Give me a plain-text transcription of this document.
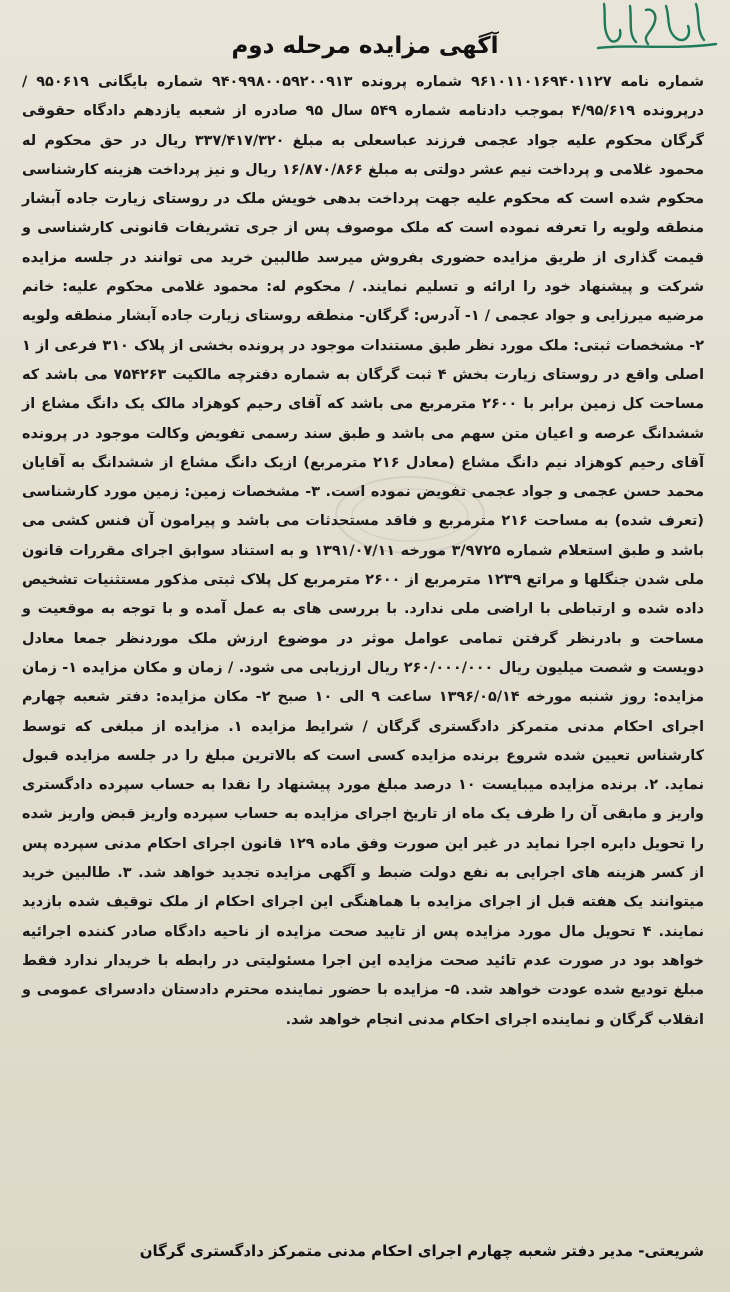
آگهی مزایده مرحله دوم

شماره نامه ۹۶۱۰۱۱۰۱۶۹۴۰۱۱۲۷ شماره پرونده ۹۴۰۹۹۸۰۰۵۹۲۰۰۹۱۳ شماره بایگانی ۹۵۰۶۱۹ / درپرونده ۴/۹۵/۶۱۹ بموجب دادنامه شماره ۵۴۹ سال ۹۵ صادره از شعبه یازدهم دادگاه حقوقی گرگان محکوم علیه جواد عجمی فرزند عباسعلی به مبلغ ۳۳۷/۴۱۷/۳۲۰ ریال در حق محکوم له محمود غلامی و پرداخت نیم عشر دولتی به مبلغ ۱۶/۸۷۰/۸۶۶ ریال و نیز پرداخت هزینه کارشناسی محکوم شده است که محکوم علیه جهت پرداخت بدهی خویش ملک در روستای زیارت جاده آبشار منطقه ولویه را تعرفه نموده است که ملک موصوف پس از جری تشریفات قانونی کارشناسی و قیمت گذاری از طریق مزایده حضوری بفروش میرسد طالبین خرید می توانند در جلسه مزایده شرکت و پیشنهاد خود را ارائه و تسلیم نمایند. / محکوم له: محمود غلامی محکوم علیه: خانم مرضیه میرزایی و جواد عجمی / ۱- آدرس: گرگان- منطقه روستای زیارت جاده آبشار منطقه ولویه ۲- مشخصات ثبتی: ملک مورد نظر طبق مستندات موجود در پرونده بخشی از پلاک ۳۱۰ فرعی از ۱ اصلی واقع در روستای زیارت بخش ۴ ثبت گرگان به شماره دفترچه مالکیت ۷۵۴۲۶۳ می باشد که مساحت کل زمین برابر با ۲۶۰۰ مترمربع می باشد که آقای رحیم کوهزاد مالک یک دانگ مشاع از ششدانگ عرصه و اعیان متن سهم می باشد و طبق سند رسمی تفویض وکالت موجود در پرونده آقای رحیم کوهزاد نیم دانگ مشاع (معادل ۲۱۶ مترمربع) ازیک دانگ مشاع از ششدانگ به آقایان محمد حسن عجمی و جواد عجمی تفویض نموده است. ۳- مشخصات زمین: زمین مورد کارشناسی (تعرف شده) به مساحت ۲۱۶ مترمربع و فاقد مستحدثات می باشد و پیرامون آن فنس کشی می باشد و طبق استعلام شماره ۳/۹۷۲۵ مورخه ۱۳۹۱/۰۷/۱۱ و به استناد سوابق اجرای مقررات قانون ملی شدن جنگلها و مراتع ۱۲۳۹ مترمربع از ۲۶۰۰ مترمربع کل پلاک ثبتی مذکور مستثنیات تشخیص داده شده و ارتباطی با اراضی ملی ندارد. با بررسی های به عمل آمده و با توجه به موقعیت و مساحت و بادرنظر گرفتن تمامی عوامل موثر در موضوع ارزش ملک موردنظر جمعا معادل دویست و شصت میلیون ریال ۲۶۰/۰۰۰/۰۰۰ ریال ارزیابی می شود. / زمان و مکان مزایده ۱- زمان مزایده: روز شنبه مورخه ۱۳۹۶/۰۵/۱۴ ساعت ۹ الی ۱۰ صبح ۲- مکان مزایده: دفتر شعبه چهارم اجرای احکام مدنی متمرکز دادگستری گرگان / شرایط مزایده ۱. مزایده از مبلغی که توسط کارشناس تعیین شده شروع برنده مزایده کسی است که بالاترین مبلغ را در جلسه مزایده قبول نماید. ۲. برنده مزایده میبایست ۱۰ درصد مبلغ مورد پیشنهاد را نقدا به حساب سپرده دادگستری واریز و مابقی آن را ظرف یک ماه از تاریخ اجرای مزایده به حساب سپرده واریز قبض واریز شده را تحویل دایره اجرا نماید در غیر این صورت وفق ماده ۱۲۹ قانون اجرای احکام مدنی سپرده پس از کسر هزینه های اجرایی به نفع دولت ضبط و آگهی مزایده تجدید خواهد شد. ۳. طالبین خرید میتوانند یک هفته قبل از اجرای مزایده با هماهنگی این اجرای احکام از ملک توقیف شده بازدید نمایند. ۴ تحویل مال مورد مزایده پس از تایید صحت مزایده از ناحیه دادگاه صادر کننده اجرائیه خواهد بود در صورت عدم تائید صحت مزایده این اجرا مسئولیتی در رابطه با خریدار ندارد فقط مبلغ تودیع شده عودت خواهد شد. ۵- مزایده با حضور نماینده محترم دادستان دادسرای عمومی و انقلاب گرگان و نماینده اجرای احکام مدنی انجام خواهد شد.

شریعتی- مدیر دفتر شعبه چهارم اجرای احکام مدنی متمرکز دادگستری گرگان
